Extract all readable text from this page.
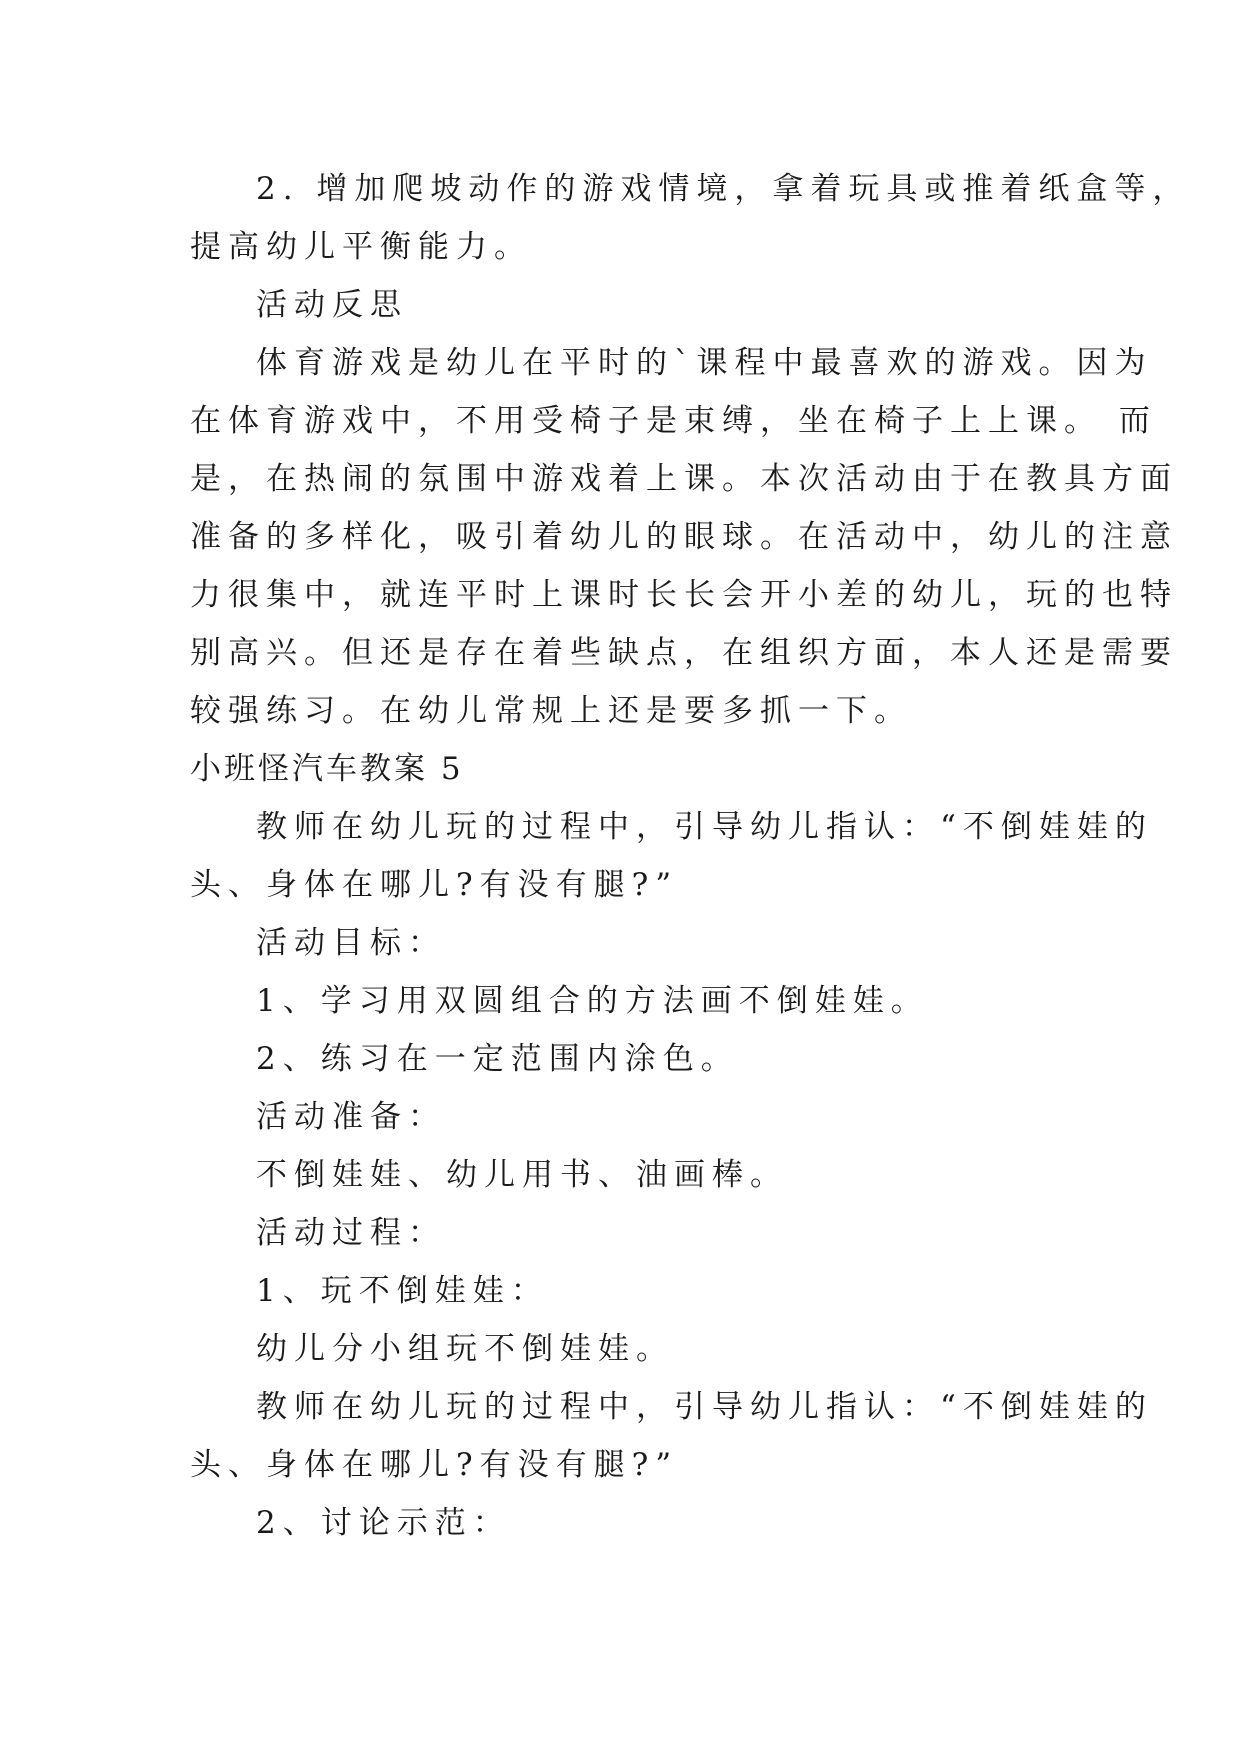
2. 增加爬坡动作的游戏情境，拿着玩具或推着纸盒等，
提高幼儿平衡能力。
活动反思
体育游戏是幼儿在平时的`课程中最喜欢的游戏。因为
在体育游戏中，不用受椅子是束缚，坐在椅子上上课。 而
是，在热闹的氛围中游戏着上课。本次活动由于在教具方面
准备的多样化，吸引着幼儿的眼球。在活动中，幼儿的注意
力很集中，就连平时上课时长长会开小差的幼儿，玩的也特
别高兴。但还是存在着些缺点，在组织方面，本人还是需要
较强练习。在幼儿常规上还是要多抓一下。
小班怪汽车教案 5
教师在幼儿玩的过程中，引导幼儿指认：“不倒娃娃的
头、身体在哪儿?有没有腿?”
活动目标：
1、学习用双圆组合的方法画不倒娃娃。
2、练习在一定范围内涂色。
活动准备：
不倒娃娃、幼儿用书、油画棒。
活动过程：
1、玩不倒娃娃：
幼儿分小组玩不倒娃娃。
教师在幼儿玩的过程中，引导幼儿指认：“不倒娃娃的
头、身体在哪儿?有没有腿?”
2、讨论示范：
